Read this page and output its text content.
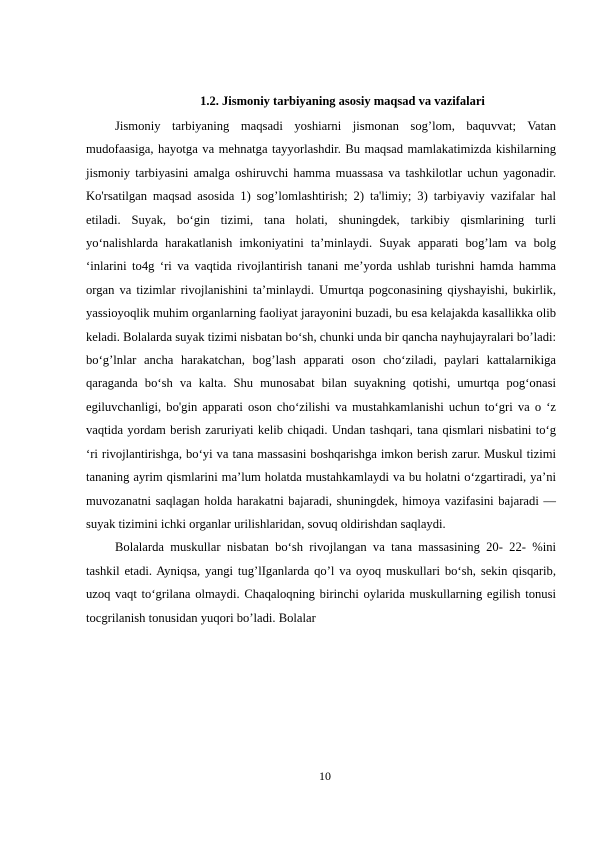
1.2. Jismoniy tarbiyaning asosiy maqsad va vazifalari

Jismoniy tarbiyaning maqsadi yoshiarni jismonan sog’lom, baquvvat; Vatan mudofaasiga, hayotga va mehnatga tayyorlashdir. Bu maqsad mamlakatimizda kishilarning jismoniy tarbiyasini amalga oshiruvchi hamma muassasa va tashkilotlar uchun yagonadir. Ko'rsatilgan maqsad asosida 1) sog’lomlashtirish; 2) ta'limiy; 3) tarbiyaviy vazifalar hal etiladi. Suyak, bo‘gin tizimi, tana holati, shuningdek, tarkibiy qismlarining turli yo‘nalishlarda harakatlanish imkoniyatini ta’minlaydi. Suyak apparati bog’lam va bolg ‘inlarini to4g ‘ri va vaqtida rivojlantirish tanani me’yorda ushlab turishni hamda hamma organ va tizimlar rivojlanishini ta’minlaydi. Umurtqa pogconasining qiyshayishi, bukirlik, yassioyoqlik muhim organlarning faoliyat jarayonini buzadi, bu esa kelajakda kasallikka olib keladi. Bolalarda suyak tizimi nisbatan bo‘sh, chunki unda bir qancha nayhujayralari bo’ladi: bo‘g’lnlar ancha harakatchan, bog’lash apparati oson cho‘ziladi, paylari kattalarnikiga qaraganda bo‘sh va kalta. Shu munosabat bilan suyakning qotishi, umurtqa pog‘onasi egiluvchanligi, bo'gin apparati oson cho‘zilishi va mustahkamlanishi uchun to‘gri va o ‘z vaqtida yordam berish zaruriyati kelib chiqadi. Undan tashqari, tana qismlari nisbatini to‘g ‘ri rivojlantirishga, bo‘yi va tana massasini boshqarishga imkon berish zarur. Muskul tizimi tananing ayrim qismlarini ma’lum holatda mustahkamlaydi va bu holatni o‘zgartiradi, ya’ni muvozanatni saqlagan holda harakatni bajaradi, shuningdek, himoya vazifasini bajaradi — suyak tizimini ichki organlar urilishlaridan, sovuq oldirishdan saqlaydi.

Bolalarda muskullar nisbatan bo‘sh rivojlangan va tana massasining 20- 22- %ini tashkil etadi. Ayniqsa, yangi tug’lIganlarda qo’l va oyoq muskullari bo‘sh, sekin qisqarib, uzoq vaqt to‘grilana olmaydi. Chaqaloqning birinchi oylarida muskullarning egilish tonusi tocgrilanish tonusidan yuqori bo’ladi. Bolalar

10
